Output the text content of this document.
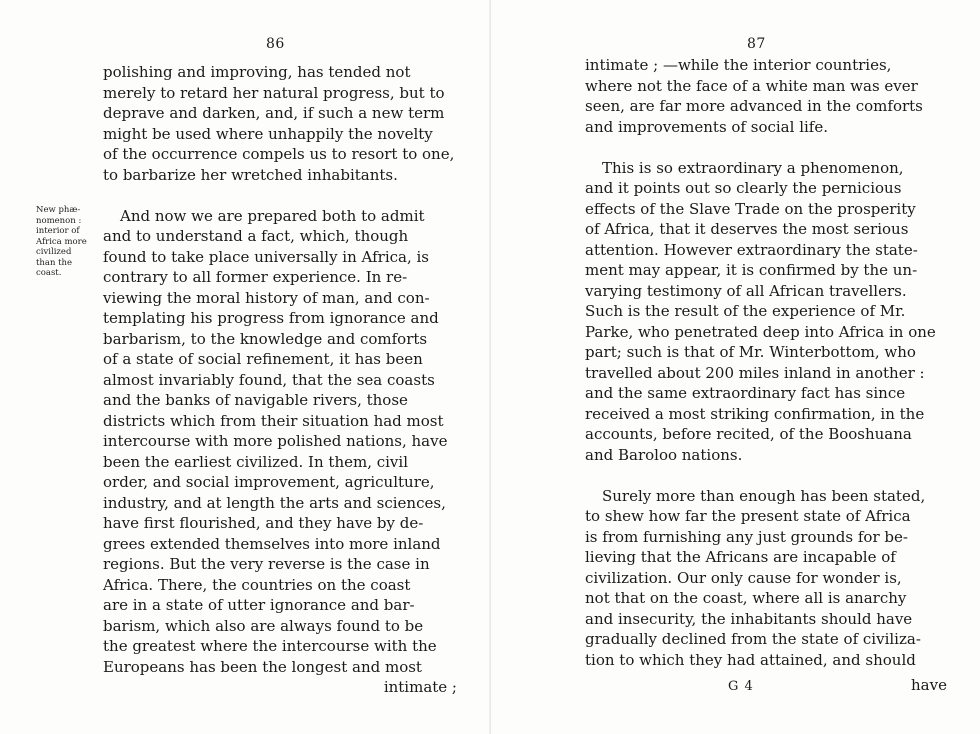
86
New phæ-
nomenon :
interior of
Africa more
civilized
than the
coast.
polishing and improving, has tended not
merely to retard her natural progress, but to
deprave and darken, and, if such a new term
might be used where unhappily the novelty
of the occurrence compels us to resort to one,
to barbarize her wretched inhabitants.
And now we are prepared both to admit
and to understand a fact, which, though
found to take place universally in Africa, is
contrary to all former experience. In re-
viewing the moral history of man, and con-
templating his progress from ignorance and
barbarism, to the knowledge and comforts
of a state of social refinement, it has been
almost invariably found, that the sea coasts
and the banks of navigable rivers, those
districts which from their situation had most
intercourse with more polished nations, have
been the earliest civilized. In them, civil
order, and social improvement, agriculture,
industry, and at length the arts and sciences,
have first flourished, and they have by de-
grees extended themselves into more inland
regions. But the very reverse is the case in
Africa. There, the countries on the coast
are in a state of utter ignorance and bar-
barism, which also are always found to be
the greatest where the intercourse with the
Europeans has been the longest and most
intimate ;
87
intimate ; —while the interior countries,
where not the face of a white man was ever
seen, are far more advanced in the comforts
and improvements of social life.
This is so extraordinary a phenomenon,
and it points out so clearly the pernicious
effects of the Slave Trade on the prosperity
of Africa, that it deserves the most serious
attention. However extraordinary the state-
ment may appear, it is confirmed by the un-
varying testimony of all African travellers.
Such is the result of the experience of Mr.
Parke, who penetrated deep into Africa in one
part; such is that of Mr. Winterbottom, who
travelled about 200 miles inland in another :
and the same extraordinary fact has since
received a most striking confirmation, in the
accounts, before recited, of the Booshuana
and Baroloo nations.
Surely more than enough has been stated,
to shew how far the present state of Africa
is from furnishing any just grounds for be-
lieving that the Africans are incapable of
civilization. Our only cause for wonder is,
not that on the coast, where all is anarchy
and insecurity, the inhabitants should have
gradually declined from the state of civiliza-
tion to which they had attained, and should
G 4	have
